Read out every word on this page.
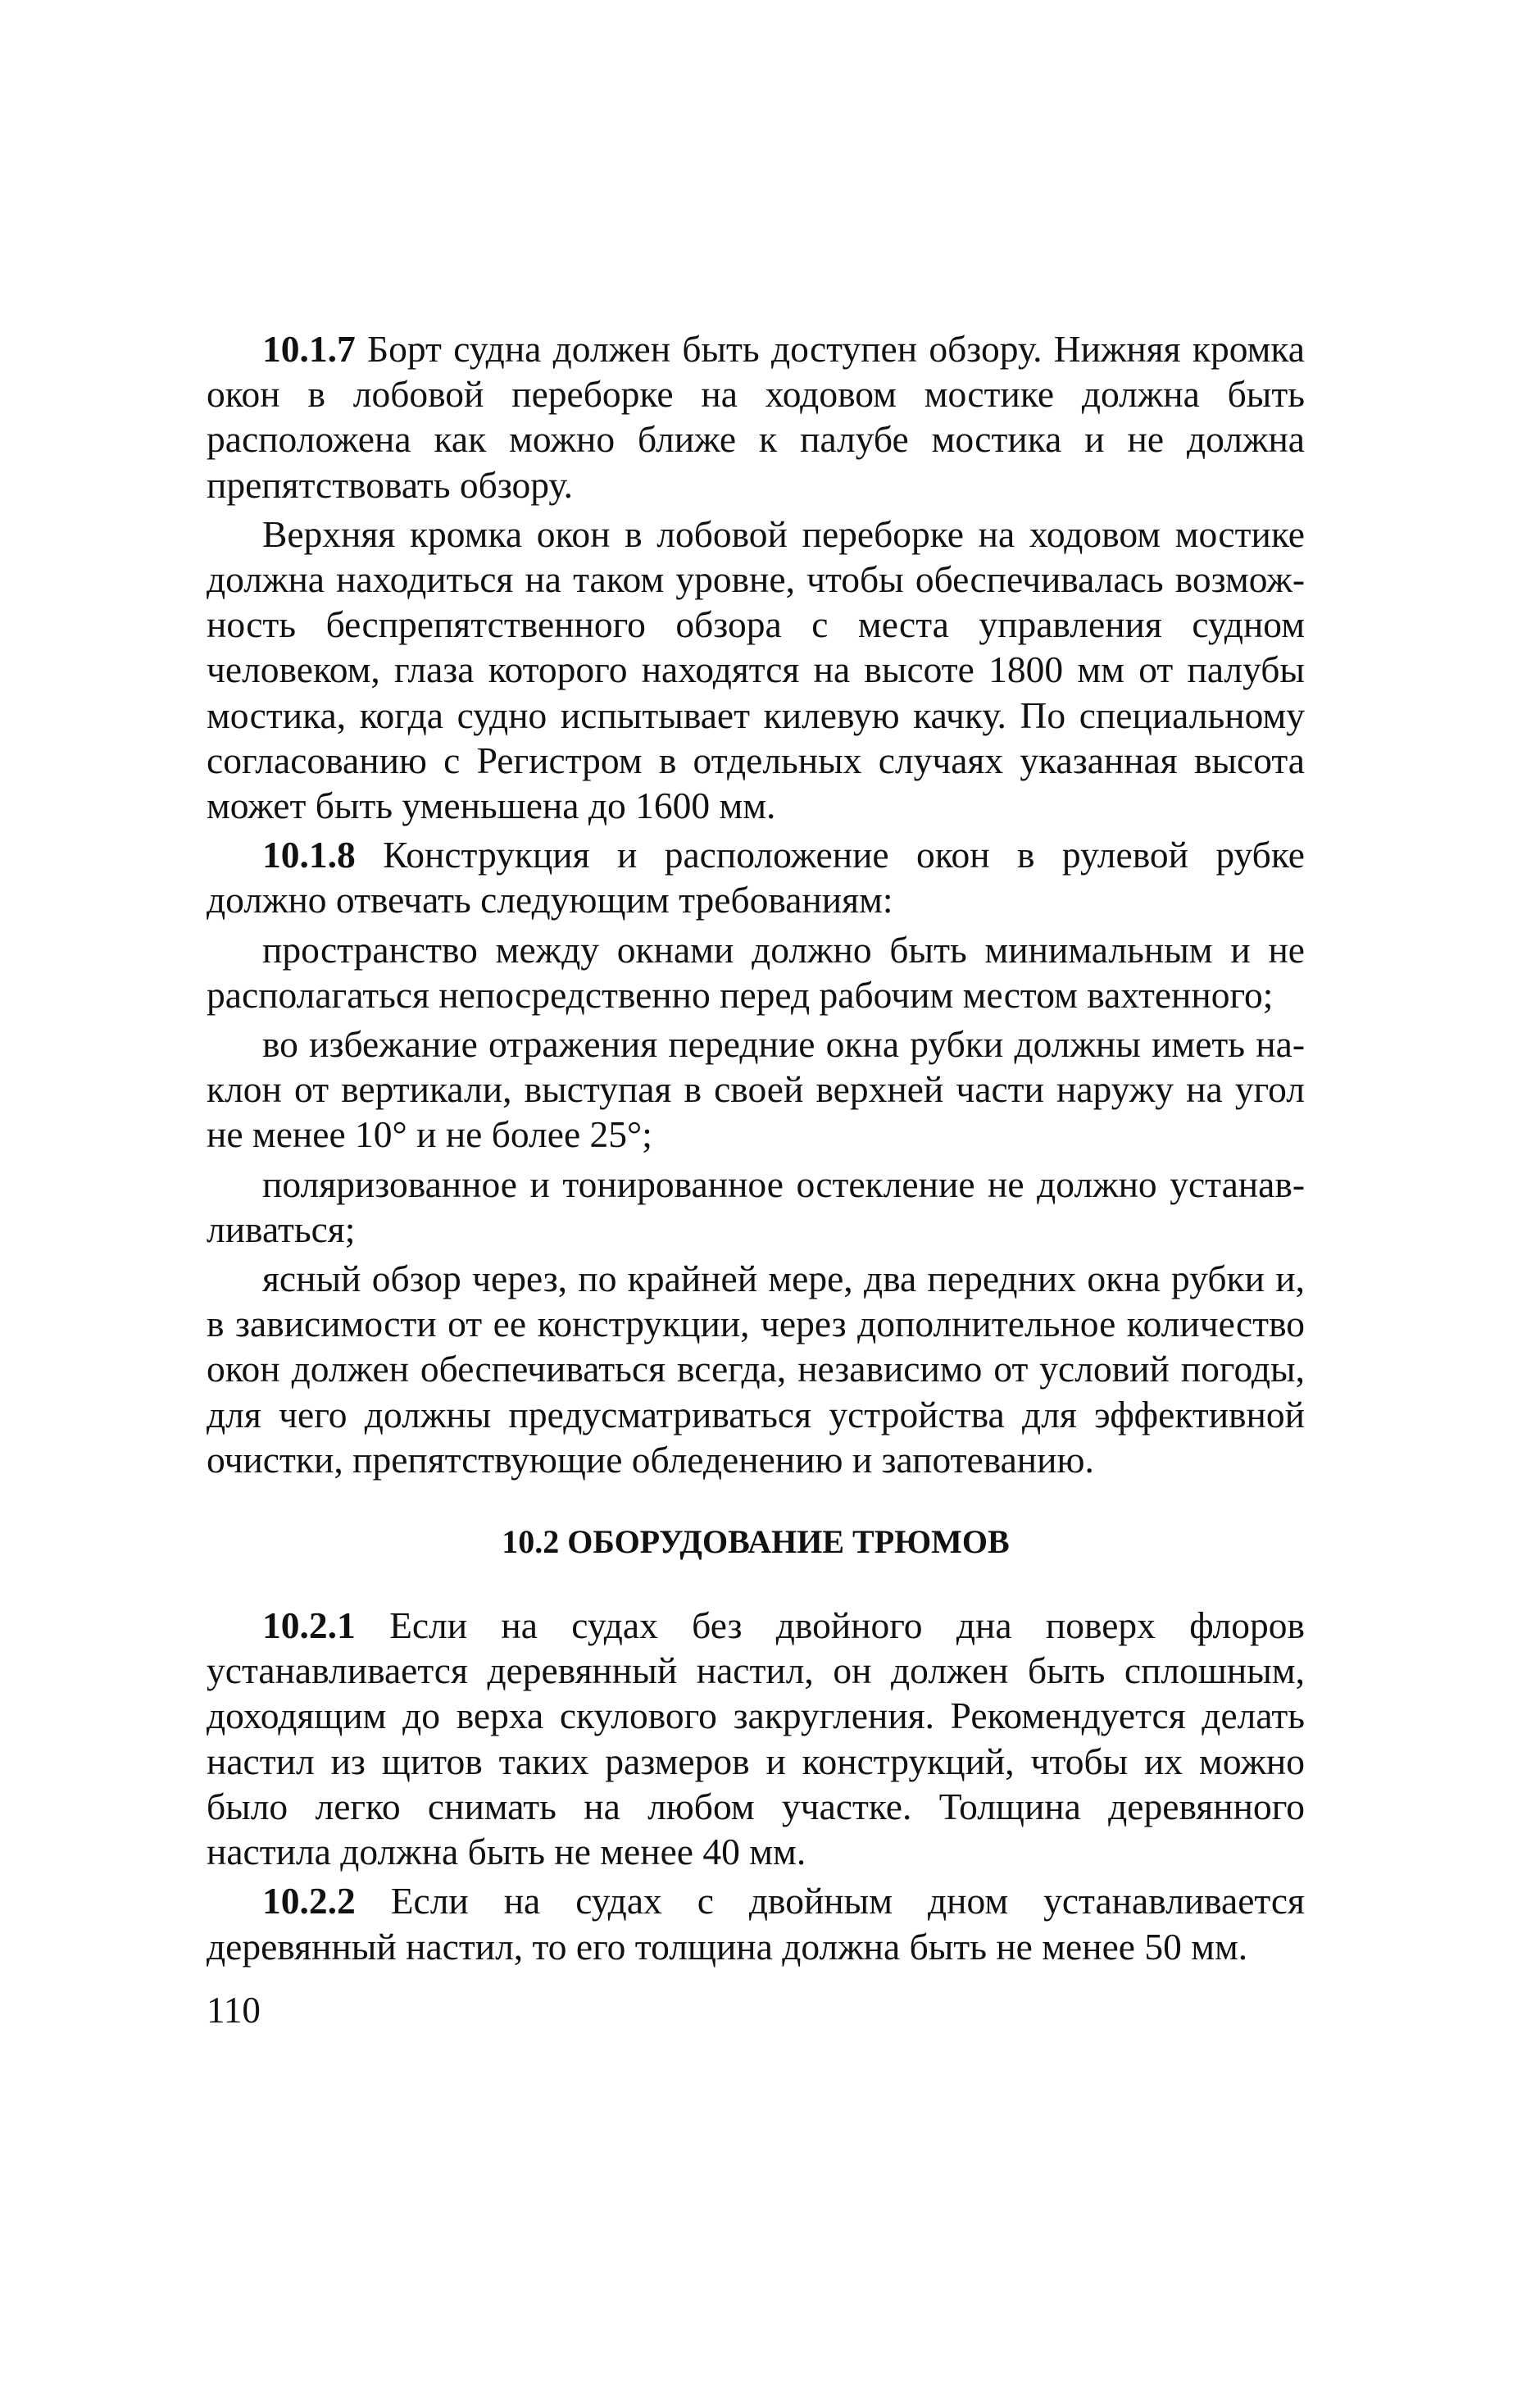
10.1.7 Борт судна должен быть доступен обзору. Нижняя кромка окон в лобовой переборке на ходовом мостике должна быть расположена как можно ближе к палубе мостика и не должна препятствовать обзору.

Верхняя кромка окон в лобовой переборке на ходовом мостике должна находиться на таком уровне, чтобы обеспечивалась возможность беспрепятственного обзора с места управления судном человеком, глаза которого находятся на высоте 1800 мм от палубы мостика, когда судно испытывает килевую качку. По специальному согласованию с Регистром в отдельных случаях указанная высота может быть уменьшена до 1600 мм.

10.1.8 Конструкция и расположение окон в рулевой рубке должно отвечать следующим требованиям:

пространство между окнами должно быть минимальным и не располагаться непосредственно перед рабочим местом вахтенного;

во избежание отражения передние окна рубки должны иметь наклон от вертикали, выступая в своей верхней части наружу на угол не менее 10° и не более 25°;

поляризованное и тонированное остекление не должно устанавливаться;

ясный обзор через, по крайней мере, два передних окна рубки и, в зависимости от ее конструкции, через дополнительное количество окон должен обеспечиваться всегда, независимо от условий погоды, для чего должны предусматриваться устройства для эффективной очистки, препятствующие обледенению и запотеванию.

10.2 ОБОРУДОВАНИЕ ТРЮМОВ

10.2.1 Если на судах без двойного дна поверх флоров устанавливается деревянный настил, он должен быть сплошным, доходящим до верха скулового закругления. Рекомендуется делать настил из щитов таких размеров и конструкций, чтобы их можно было легко снимать на любом участке. Толщина деревянного настила должна быть не менее 40 мм.

10.2.2 Если на судах с двойным дном устанавливается деревянный настил, то его толщина должна быть не менее 50 мм.

110
